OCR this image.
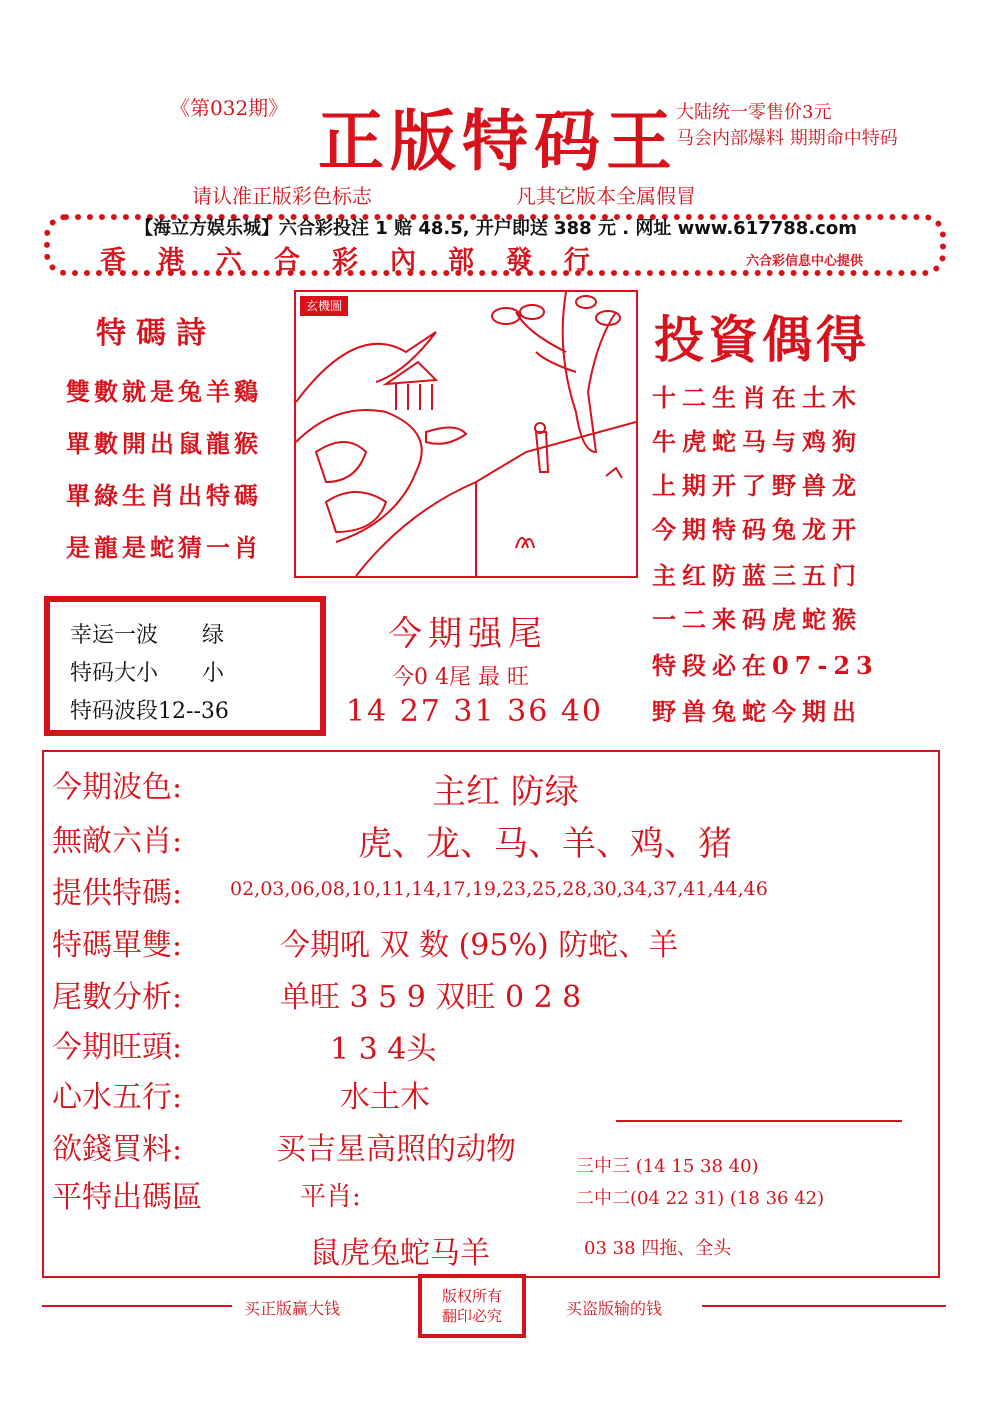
《第032期》 正版特码王
大陆统一零售价3元
马会内部爆料 期期命中特码
请认准正版彩色标志	凡其它版本全属假冒
【海立方娱乐城】六合彩投注 1 赔 48.5, 开户即送 388 元 . 网址 www.617788.com
香港六合彩內部發行	六合彩信息中心提供
特碼詩
雙數就是兔羊鷄
單數開出鼠龍猴
單綠生肖出特碼
是龍是蛇猜一肖
玄機圖
投資偶得
十二生肖在土木
牛虎蛇马与鸡狗
上期开了野兽龙
今期特码兔龙开
主红防蓝三五门
一二来码虎蛇猴
特段必在07-23
野兽兔蛇今期出
幸运一波 绿
特码大小 小
特码波段12--36
今期强尾
今0 4尾 最 旺
14 27 31 36 40
今期波色:	主红 防绿
無敵六肖:	虎、龙、马、羊、鸡、猪
提供特碼:	02,03,06,08,10,11,14,17,19,23,25,28,30,34,37,41,44,46
特碼單雙:	今期吼 双 数 (95%) 防蛇、羊
尾數分析:	单旺 3 5 9 双旺 0 2 8
今期旺頭:	1 3 4头
心水五行:	水土木
欲錢買料:	买吉星高照的动物
平特出碼區	平肖:
鼠虎兔蛇马羊
三中三 (14 15 38 40)
二中二(04 22 31) (18 36 42)
03 38 四拖、全头
买正版赢大钱
版权所有
翻印必究	买盗版输的钱
